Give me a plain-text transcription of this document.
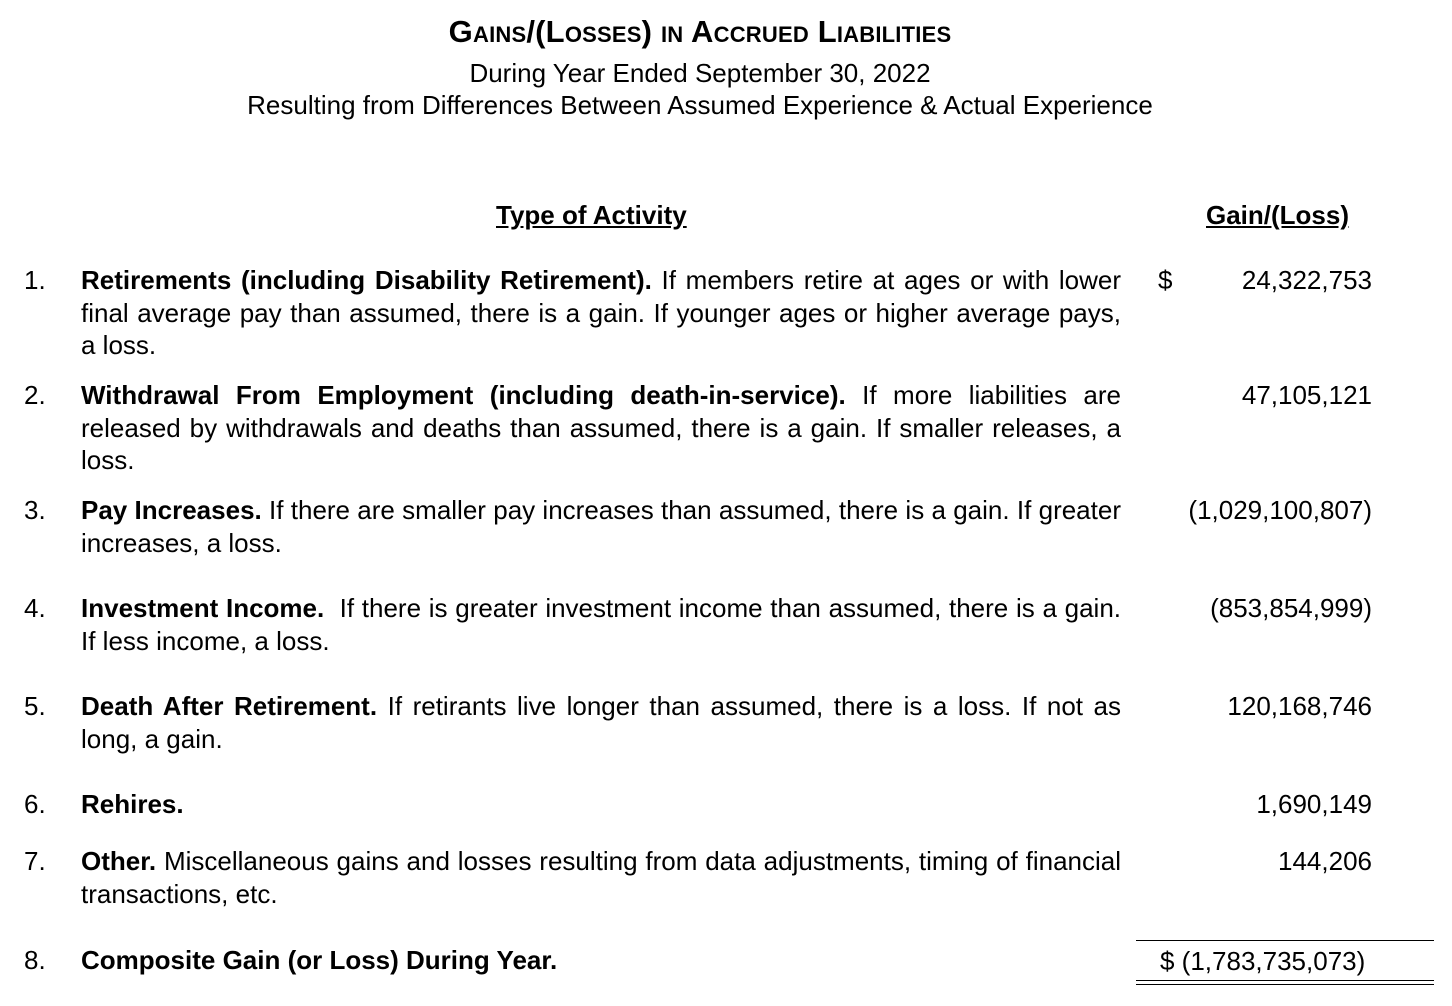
Gains/(Losses) in Accrued Liabilities
During Year Ended September 30, 2022
Resulting from Differences Between Assumed Experience & Actual Experience
Type of Activity	Gain/(Loss)
1. Retirements (including Disability Retirement). If members retire at ages or with lower final average pay than assumed, there is a gain. If younger ages or higher average pays, a loss.
$	24,322,753
2. Withdrawal From Employment (including death-in-service). If more liabilities are released by withdrawals and deaths than assumed, there is a gain. If smaller releases, a loss.
47,105,121
3. Pay Increases. If there are smaller pay increases than assumed, there is a gain. If greater increases, a loss.
(1,029,100,807)
4. Investment Income.  If there is greater investment income than assumed, there is a gain. If less income, a loss.
(853,854,999)
5. Death After Retirement. If retirants live longer than assumed, there is a loss. If not as long, a gain.
120,168,746
6. Rehires.	1,690,149
7. Other. Miscellaneous gains and losses resulting from data adjustments, timing of financial transactions, etc.
144,206
8. Composite Gain (or Loss) During Year.	$ (1,783,735,073)
